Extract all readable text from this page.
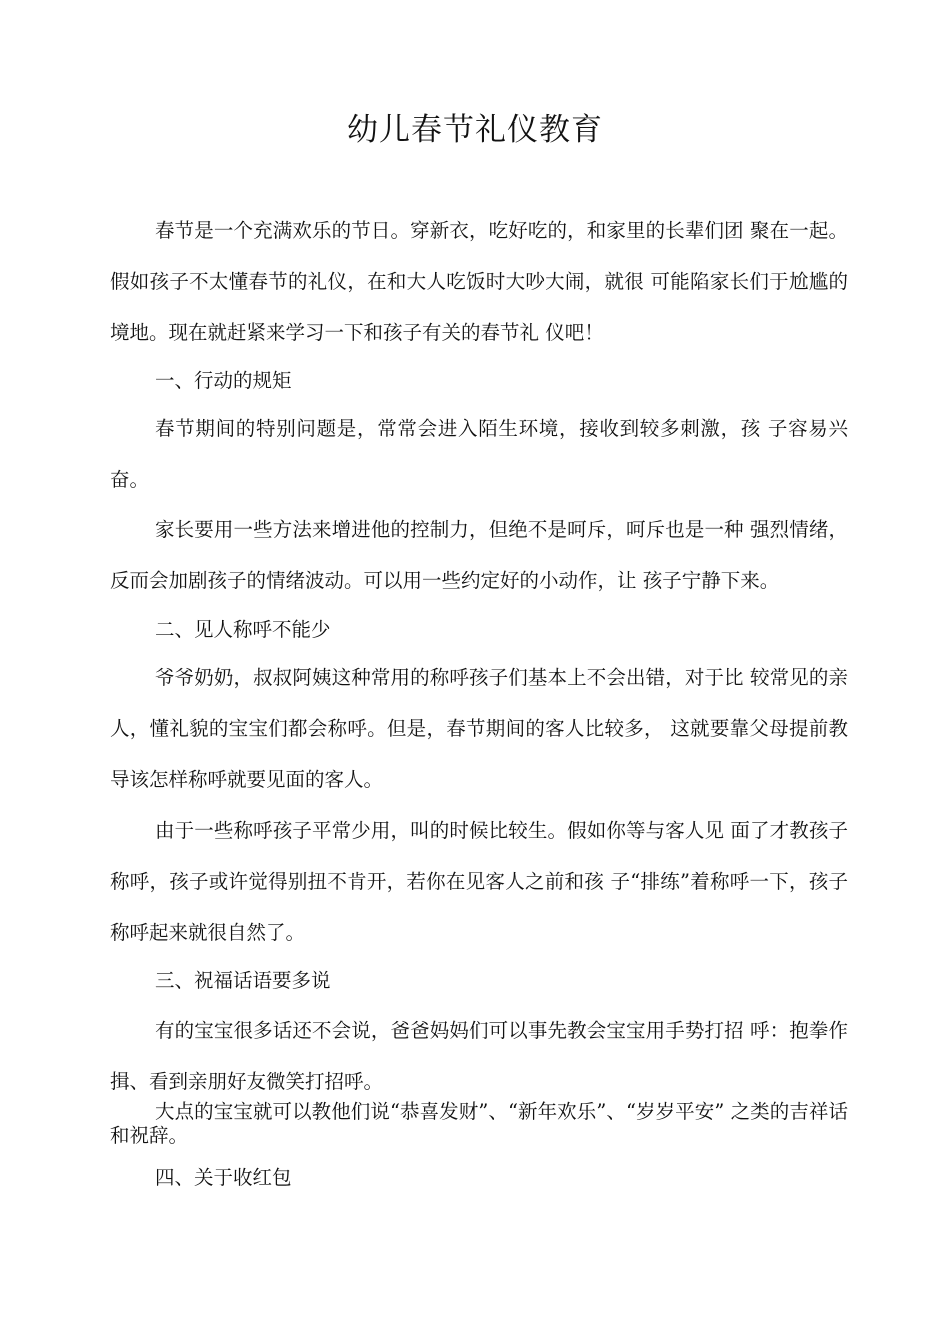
幼儿春节礼仪教育

春节是一个充满欢乐的节日。穿新衣，吃好吃的，和家里的长辈们团 聚在一起。假如孩子不太懂春节的礼仪，在和大人吃饭时大吵大闹，就很 可能陷家长们于尬尴的境地。现在就赶紧来学习一下和孩子有关的春节礼 仪吧！

一、行动的规矩

春节期间的特别问题是，常常会进入陌生环境，接收到较多刺激，孩 子容易兴奋。

家长要用一些方法来增进他的控制力，但绝不是呵斥，呵斥也是一种 强烈情绪，反而会加剧孩子的情绪波动。可以用一些约定好的小动作，让 孩子宁静下来。

二、见人称呼不能少

爷爷奶奶，叔叔阿姨这种常用的称呼孩子们基本上不会出错，对于比 较常见的亲人，懂礼貌的宝宝们都会称呼。但是，春节期间的客人比较多， 这就要靠父母提前教导该怎样称呼就要见面的客人。

由于一些称呼孩子平常少用，叫的时候比较生。假如你等与客人见 面了才教孩子称呼，孩子或许觉得别扭不肯开，若你在见客人之前和孩 子“排练”着称呼一下，孩子称呼起来就很自然了。

三、祝福话语要多说

有的宝宝很多话还不会说，爸爸妈妈们可以事先教会宝宝用手势打招 呼：抱拳作揖、看到亲朋好友微笑打招呼。

大点的宝宝就可以教他们说“恭喜发财”、“新年欢乐”、“岁岁平安” 之类的吉祥话和祝辞。

四、关于收红包
